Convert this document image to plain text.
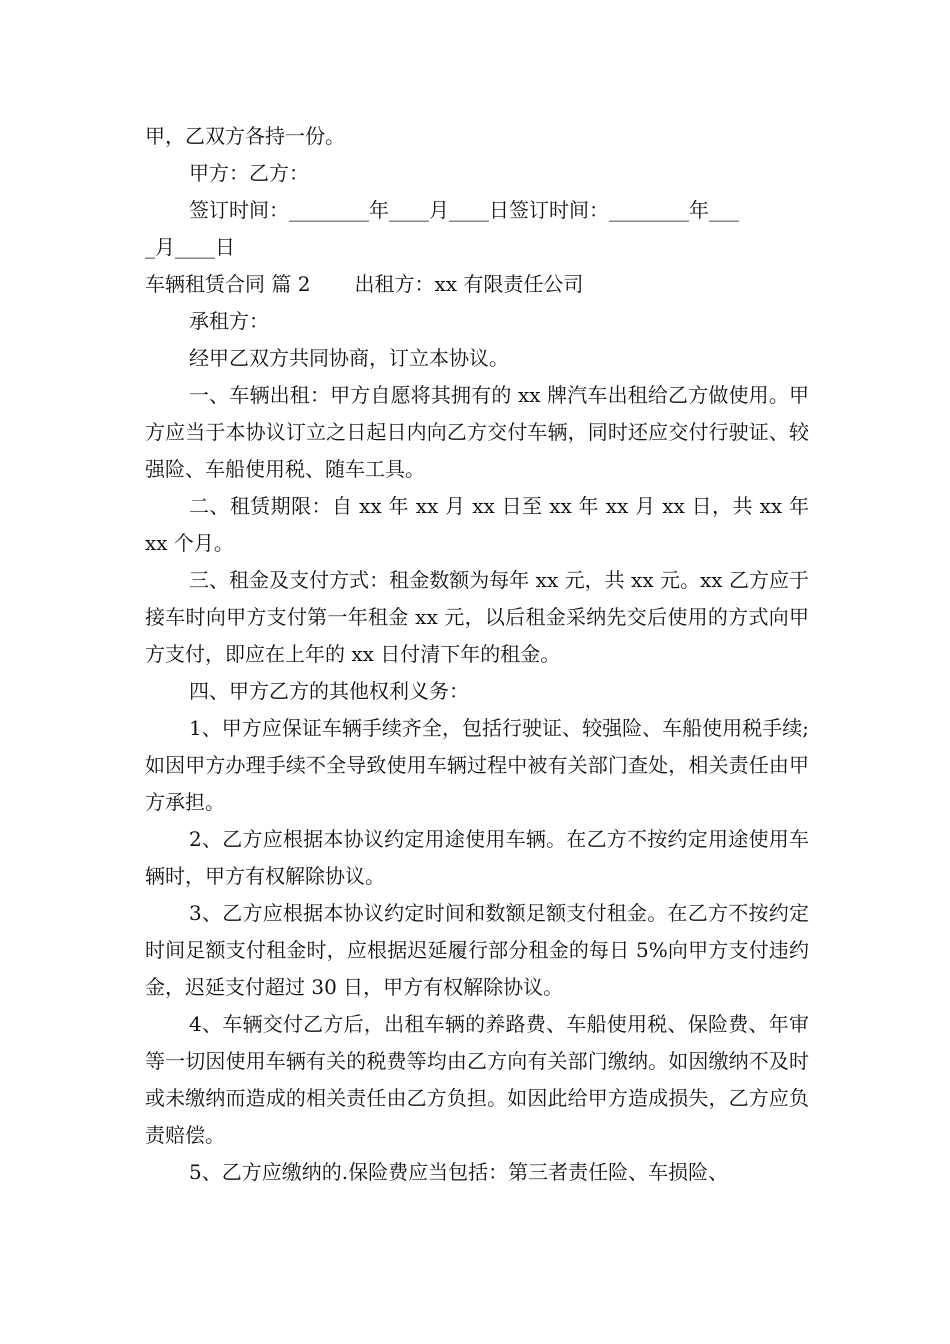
甲，乙双方各持一份。
甲方：乙方：
签订时间：________年____月____日签订时间：________年___
_月____日
车辆租赁合同 篇 2 出租方：xx 有限责任公司
承租方：
经甲乙双方共同协商，订立本协议。
一、车辆出租：甲方自愿将其拥有的 xx 牌汽车出租给乙方做使用。甲方应当于本协议订立之日起日内向乙方交付车辆，同时还应交付行驶证、较强险、车船使用税、随车工具。
二、租赁期限：自 xx 年 xx 月 xx 日至 xx 年 xx 月 xx 日，共 xx 年 xx 个月。
三、租金及支付方式：租金数额为每年 xx 元，共 xx 元。xx 乙方应于接车时向甲方支付第一年租金 xx 元，以后租金采纳先交后使用的方式向甲方支付，即应在上年的 xx 日付清下年的租金。
四、甲方乙方的其他权利义务：
1、甲方应保证车辆手续齐全，包括行驶证、较强险、车船使用税手续;如因甲方办理手续不全导致使用车辆过程中被有关部门查处，相关责任由甲方承担。
2、乙方应根据本协议约定用途使用车辆。在乙方不按约定用途使用车辆时，甲方有权解除协议。
3、乙方应根据本协议约定时间和数额足额支付租金。在乙方不按约定时间足额支付租金时，应根据迟延履行部分租金的每日 5%向甲方支付违约金，迟延支付超过 30 日，甲方有权解除协议。
4、车辆交付乙方后，出租车辆的养路费、车船使用税、保险费、年审等一切因使用车辆有关的税费等均由乙方向有关部门缴纳。如因缴纳不及时或未缴纳而造成的相关责任由乙方负担。如因此给甲方造成损失，乙方应负责赔偿。
5、乙方应缴纳的.保险费应当包括：第三者责任险、车损险、
